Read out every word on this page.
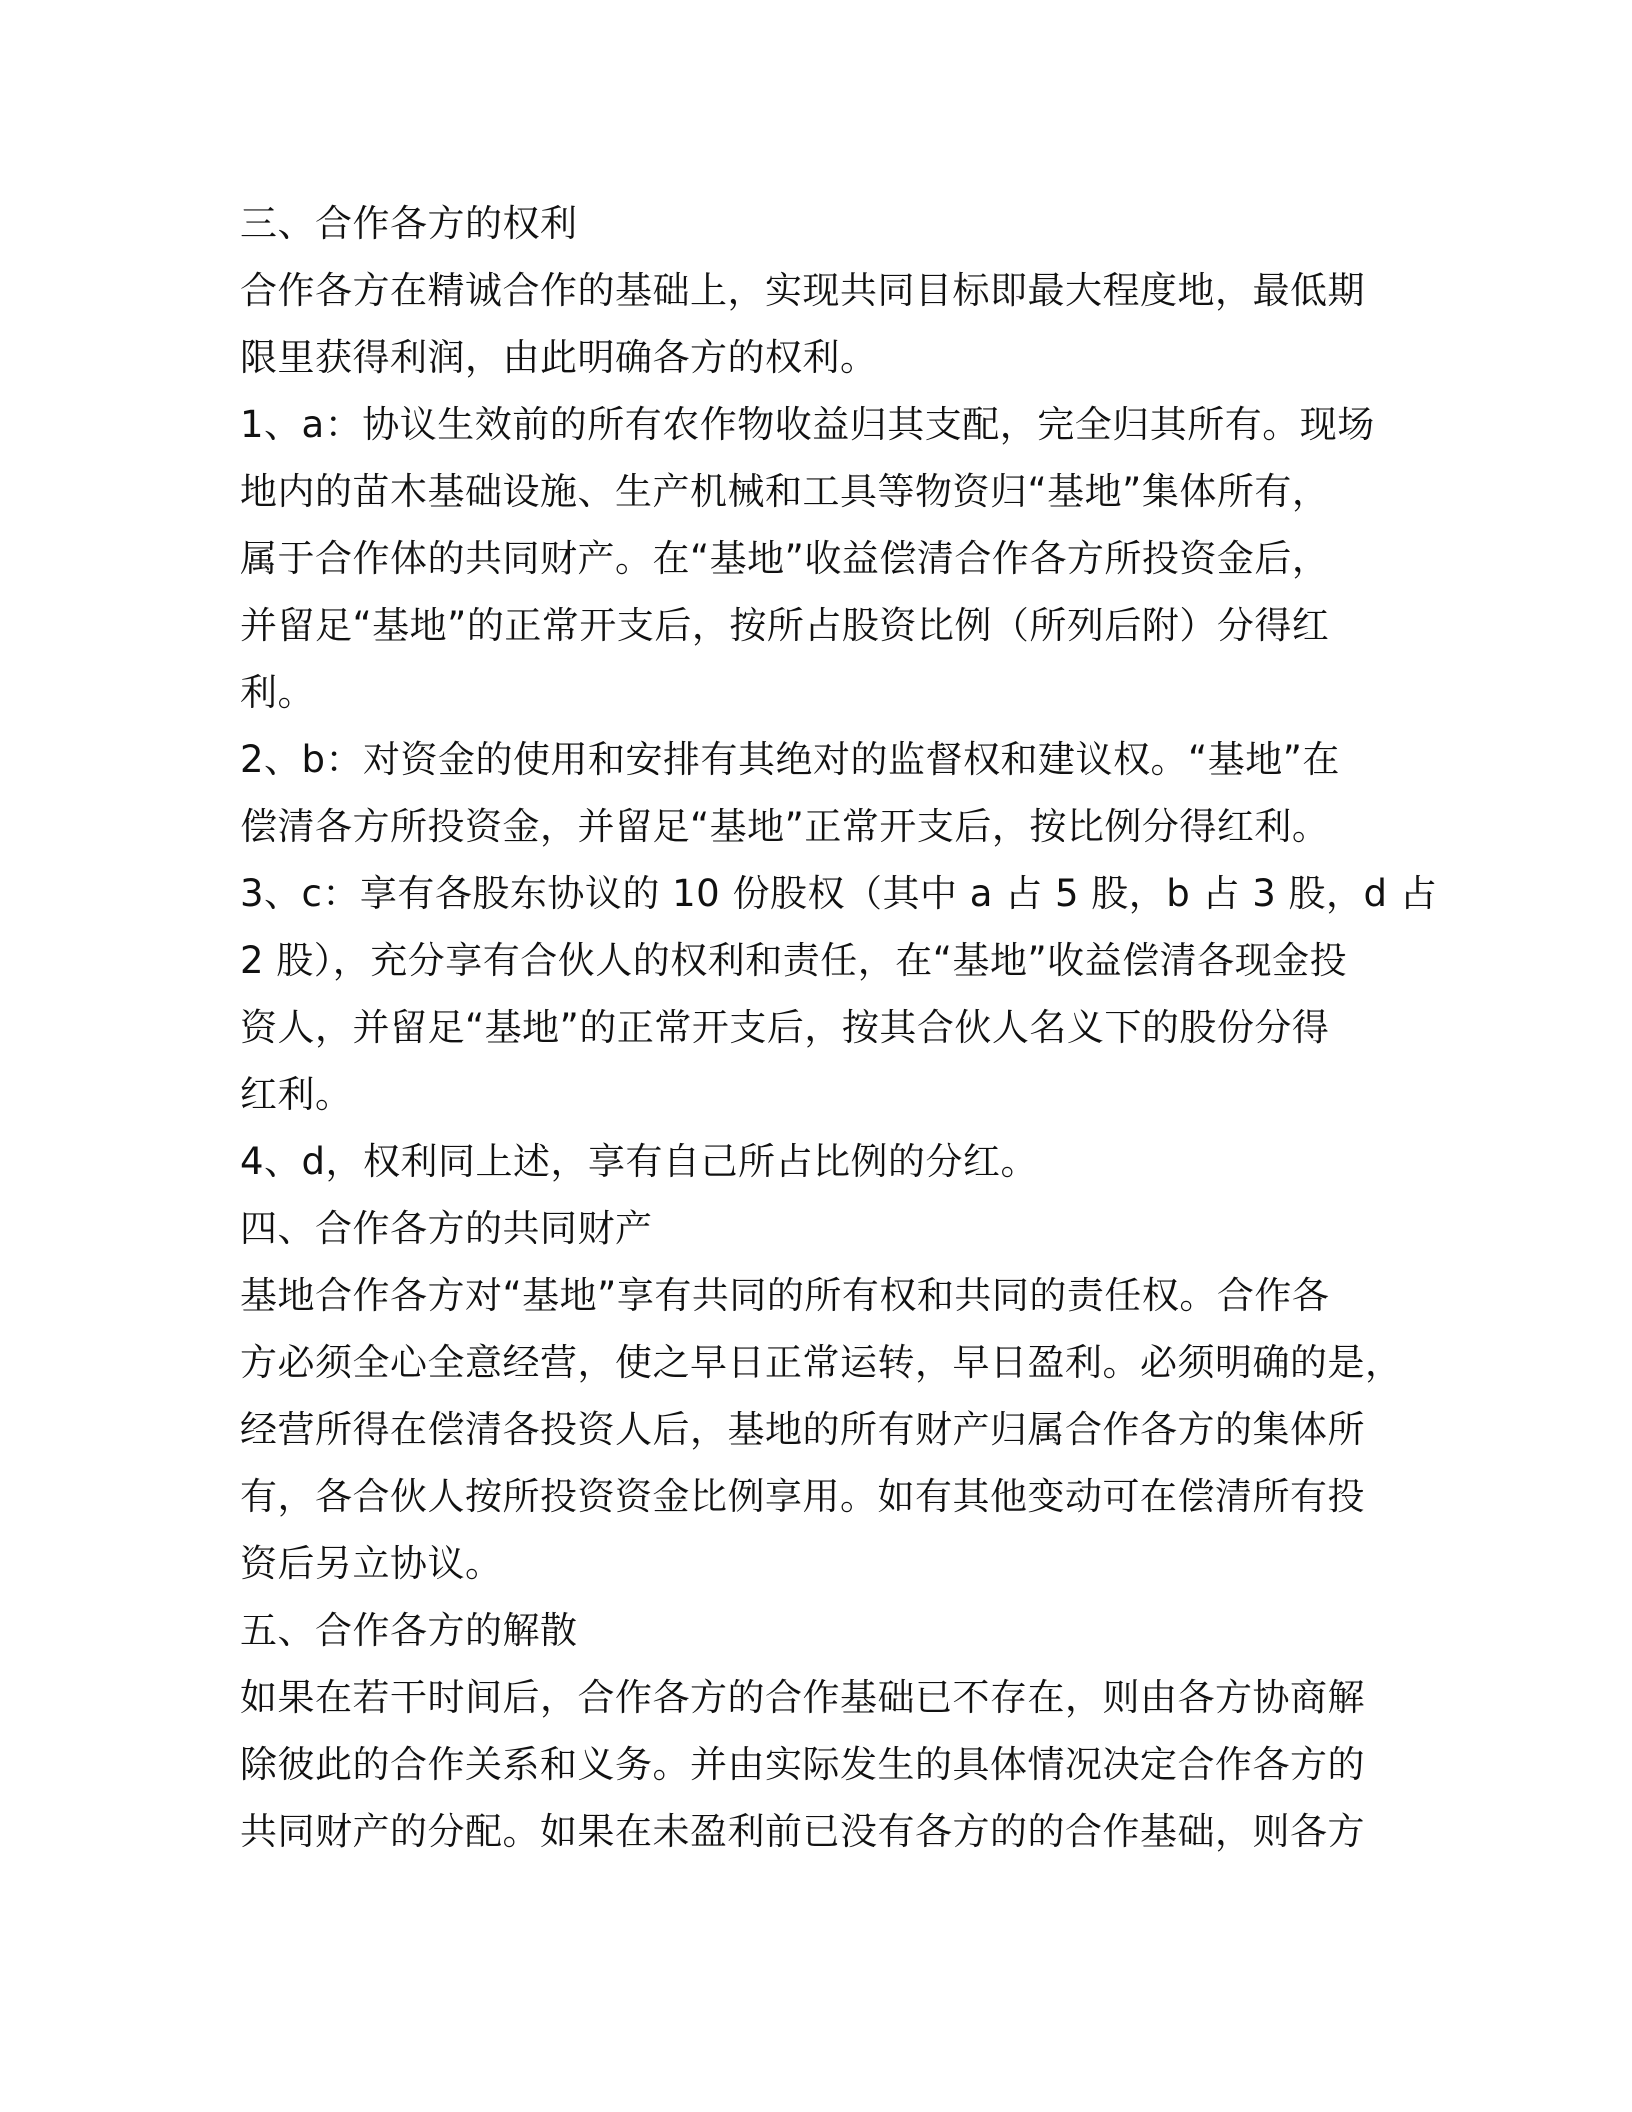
三、合作各方的权利
合作各方在精诚合作的基础上，实现共同目标即最大程度地，最低期
限里获得利润，由此明确各方的权利。
1、a：协议生效前的所有农作物收益归其支配，完全归其所有。现场
地内的苗木基础设施、生产机械和工具等物资归“基地”集体所有，
属于合作体的共同财产。在“基地”收益偿清合作各方所投资金后，
并留足“基地”的正常开支后，按所占股资比例（所列后附）分得红
利。
2、b：对资金的使用和安排有其绝对的监督权和建议权。“基地”在
偿清各方所投资金，并留足“基地”正常开支后，按比例分得红利。
3、c：享有各股东协议的 10 份股权（其中 a 占 5 股，b 占 3 股，d 占
2 股），充分享有合伙人的权利和责任，在“基地”收益偿清各现金投
资人，并留足“基地”的正常开支后，按其合伙人名义下的股份分得
红利。
4、d，权利同上述，享有自己所占比例的分红。
四、合作各方的共同财产
基地合作各方对“基地”享有共同的所有权和共同的责任权。合作各
方必须全心全意经营，使之早日正常运转，早日盈利。必须明确的是，
经营所得在偿清各投资人后，基地的所有财产归属合作各方的集体所
有，各合伙人按所投资资金比例享用。如有其他变动可在偿清所有投
资后另立协议。
五、合作各方的解散
如果在若干时间后，合作各方的合作基础已不存在，则由各方协商解
除彼此的合作关系和义务。并由实际发生的具体情况决定合作各方的
共同财产的分配。如果在未盈利前已没有各方的的合作基础，则各方
